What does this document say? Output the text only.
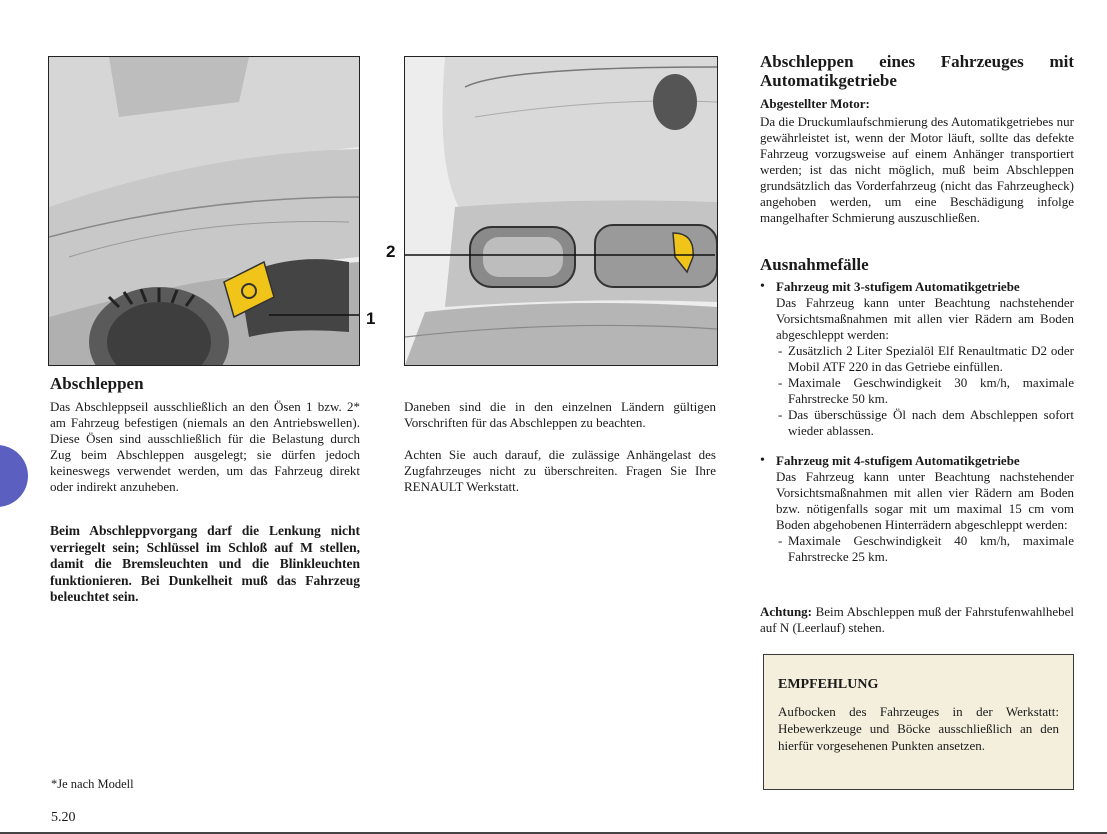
1
2
Abschleppen

Das Abschleppseil ausschließlich an den Ösen 1 bzw. 2* am Fahrzeug befestigen (niemals an den Antriebswellen). Diese Ösen sind ausschließlich für die Belastung durch Zug beim Abschleppen ausgelegt; sie dürfen jedoch keineswegs verwendet werden, um das Fahrzeug direkt oder indirekt anzuheben.

Beim Abschleppvorgang darf die Lenkung nicht verriegelt sein; Schlüssel im Schloß auf M stellen, damit die Bremsleuchten und die Blinkleuchten funktionieren. Bei Dunkelheit muß das Fahrzeug beleuchtet sein.

*Je nach Modell
5.20

Daneben sind die in den einzelnen Ländern gültigen Vorschriften für das Abschleppen zu beachten.

Achten Sie auch darauf, die zulässige Anhängelast des Zugfahrzeuges nicht zu überschreiten. Fragen Sie Ihre RENAULT Werkstatt.

Abschleppen eines Fahrzeuges mit Automatikgetriebe
Abgestellter Motor:

Da die Druckumlaufschmierung des Automatikgetriebes nur gewährleistet ist, wenn der Motor läuft, sollte das defekte Fahrzeug vorzugsweise auf einem Anhänger transportiert werden; ist das nicht möglich, muß beim Abschleppen grundsätzlich das Vorderfahrzeug (nicht das Fahrzeugheck) angehoben werden, um eine Beschädigung infolge mangelhafter Schmierung auszuschließen.

Ausnahmefälle
• Fahrzeug mit 3-stufigem Automatikgetriebe
Das Fahrzeug kann unter Beachtung nachstehender Vorsichtsmaßnahmen mit allen vier Rädern am Boden abgeschleppt werden:
- Zusätzlich 2 Liter Spezialöl Elf Renaultmatic D2 oder Mobil ATF 220 in das Getriebe einfüllen.
- Maximale Geschwindigkeit 30 km/h, maximale Fahrstrecke 50 km.
- Das überschüssige Öl nach dem Abschleppen sofort wieder ablassen.
• Fahrzeug mit 4-stufigem Automatikgetriebe
Das Fahrzeug kann unter Beachtung nachstehender Vorsichtsmaßnahmen mit allen vier Rädern am Boden bzw. nötigenfalls sogar mit um maximal 15 cm vom Boden abgehobenen Hinterrädern abgeschleppt werden:
- Maximale Geschwindigkeit 40 km/h, maximale Fahrstrecke 25 km.

Achtung: Beim Abschleppen muß der Fahrstufenwahlhebel auf N (Leerlauf) stehen.

EMPFEHLUNG

Aufbocken des Fahrzeuges in der Werkstatt: Hebewerkzeuge und Böcke ausschließlich an den hierfür vorgesehenen Punkten ansetzen.
